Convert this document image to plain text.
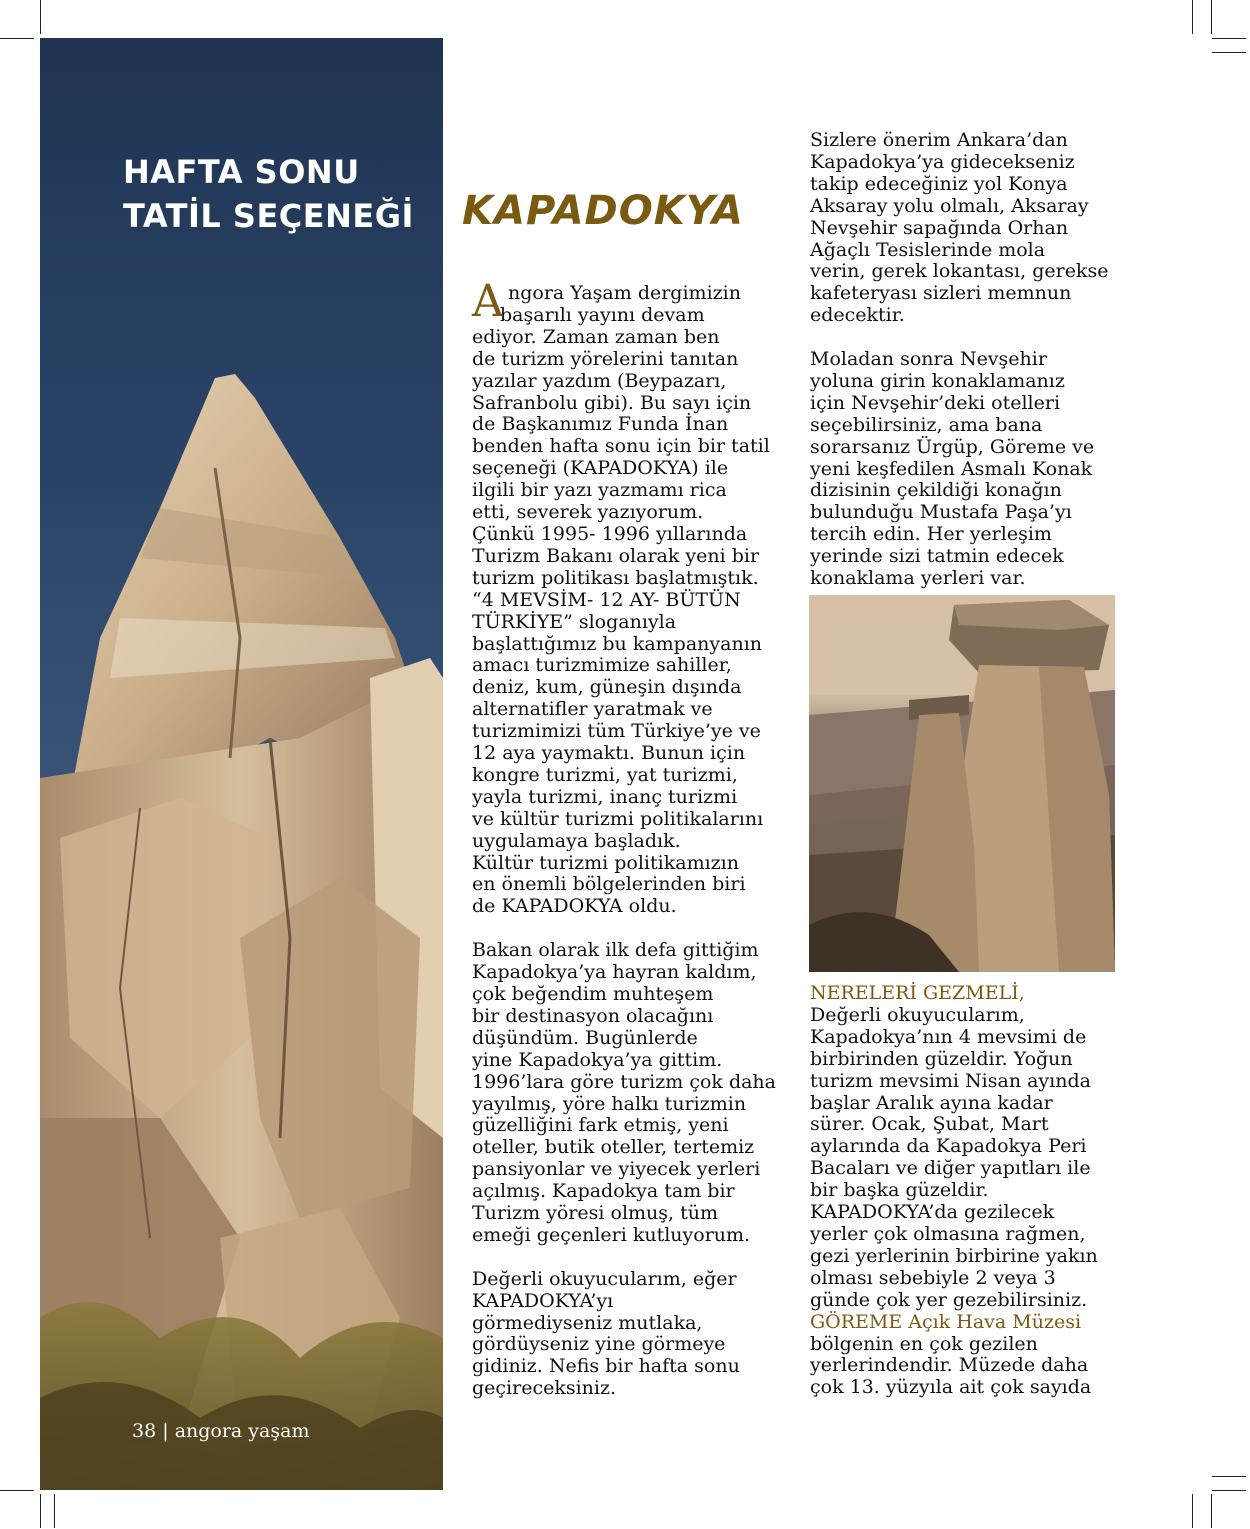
HAFTA SONU
TATİL SEÇENEĞİ KAPADOKYA
A ngora Yaşam dergimizin
başarılı yayını devam
ediyor. Zaman zaman ben
de turizm yörelerini tanıtan
yazılar yazdım (Beypazarı,
Safranbolu gibi). Bu sayı için
de Başkanımız Funda İnan
benden hafta sonu için bir tatil
seçeneği (KAPADOKYA) ile
ilgili bir yazı yazmamı rica
etti, severek yazıyorum.
Çünkü 1995- 1996 yıllarında
Turizm Bakanı olarak yeni bir
turizm politikası başlatmıştık.
“4 MEVSİM- 12 AY- BÜTÜN
TÜRKİYE” sloganıyla
başlattığımız bu kampanyanın
amacı turizmimize sahiller,
deniz, kum, güneşin dışında
alternatifler yaratmak ve
turizmimizi tüm Türkiye’ye ve
12 aya yaymaktı. Bunun için
kongre turizmi, yat turizmi,
yayla turizmi, inanç turizmi
ve kültür turizmi politikalarını
uygulamaya başladık.
Kültür turizmi politikamızın
en önemli bölgelerinden biri
de KAPADOKYA oldu.
Bakan olarak ilk defa gittiğim
Kapadokya’ya hayran kaldım,
çok beğendim muhteşem
bir destinasyon olacağını
düşündüm. Bugünlerde
yine Kapadokya’ya gittim.
1996’lara göre turizm çok daha
yayılmış, yöre halkı turizmin
güzelliğini fark etmiş, yeni
oteller, butik oteller, tertemiz
pansiyonlar ve yiyecek yerleri
açılmış. Kapadokya tam bir
Turizm yöresi olmuş, tüm
emeği geçenleri kutluyorum.
Değerli okuyucularım, eğer
KAPADOKYA’yı
görmediyseniz mutlaka,
gördüyseniz yine görmeye
gidiniz. Nefis bir hafta sonu
geçireceksiniz.
Sizlere önerim Ankara’dan
Kapadokya’ya gidecekseniz
takip edeceğiniz yol Konya
Aksaray yolu olmalı, Aksaray
Nevşehir sapağında Orhan
Ağaçlı Tesislerinde mola
verin, gerek lokantası, gerekse
kafeteryası sizleri memnun
edecektir.
Moladan sonra Nevşehir
yoluna girin konaklamanız
için Nevşehir’deki otelleri
seçebilirsiniz, ama bana
sorarsanız Ürgüp, Göreme ve
yeni keşfedilen Asmalı Konak
dizisinin çekildiği konağın
bulunduğu Mustafa Paşa’yı
tercih edin. Her yerleşim
yerinde sizi tatmin edecek
konaklama yerleri var.
NERELERİ GEZMELİ,
Değerli okuyucularım,
Kapadokya’nın 4 mevsimi de
birbirinden güzeldir. Yoğun
turizm mevsimi Nisan ayında
başlar Aralık ayına kadar
sürer. Ocak, Şubat, Mart
aylarında da Kapadokya Peri
Bacaları ve diğer yapıtları ile
bir başka güzeldir.
KAPADOKYA’da gezilecek
yerler çok olmasına rağmen,
gezi yerlerinin birbirine yakın
olması sebebiyle 2 veya 3
günde çok yer gezebilirsiniz.
GÖREME Açık Hava Müzesi
bölgenin en çok gezilen
yerlerindendir. Müzede daha
çok 13. yüzyıla ait çok sayıda
38 | angora yaşam
